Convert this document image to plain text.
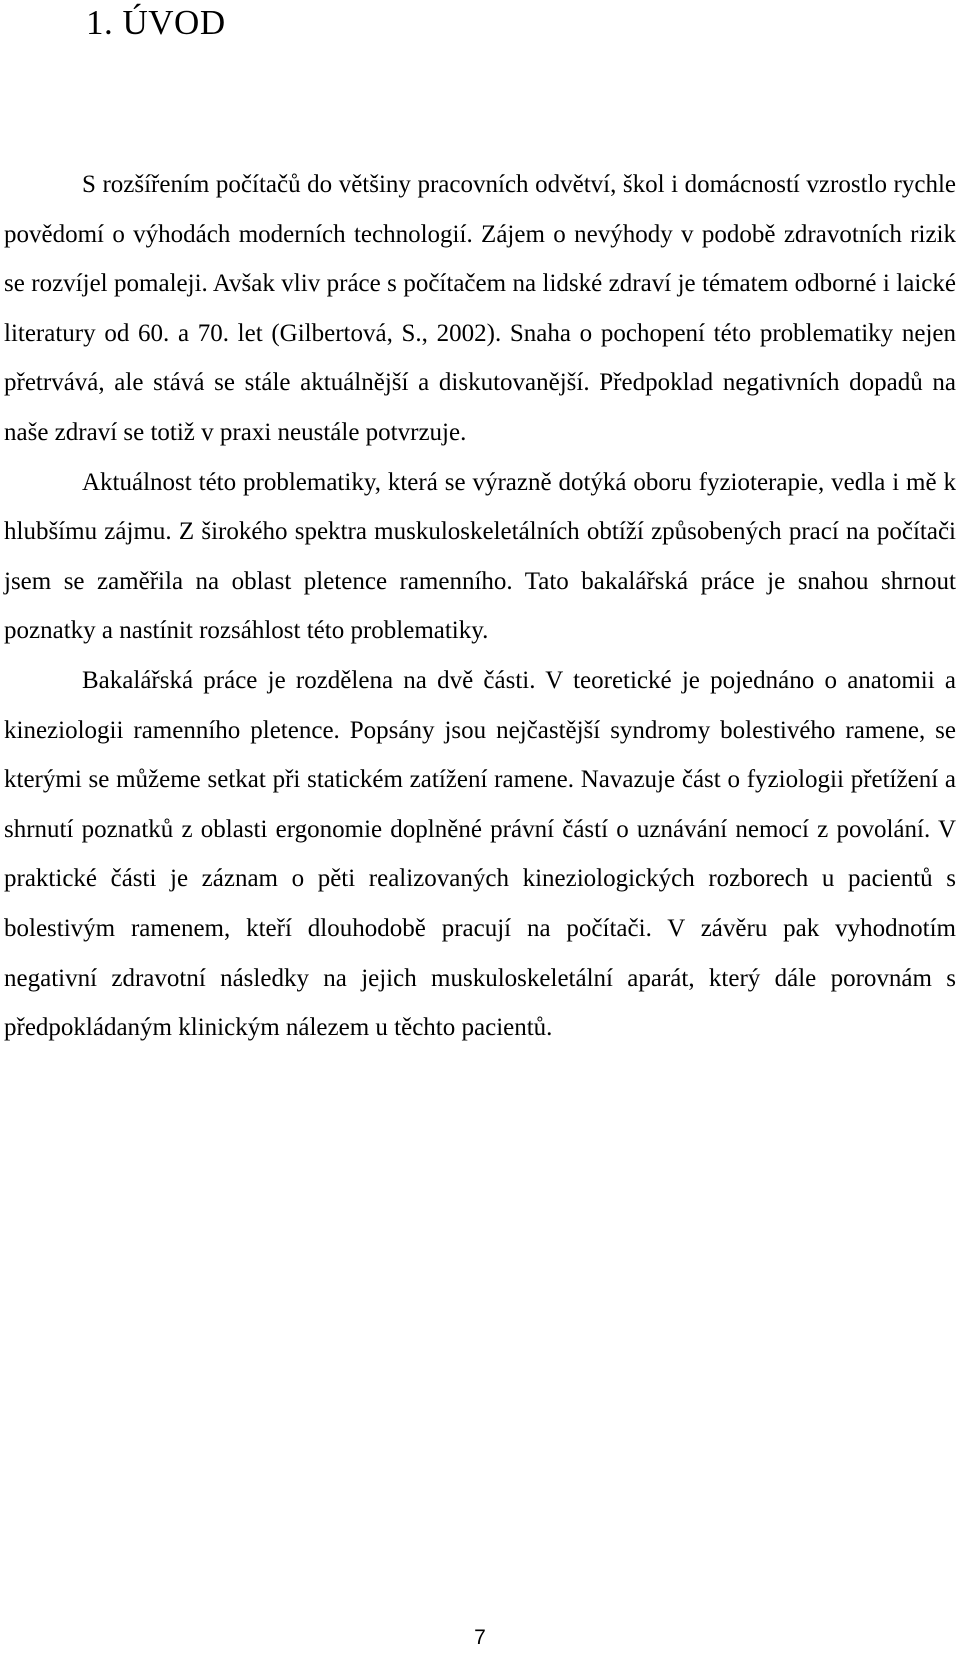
1. ÚVOD

S rozšířením počítačů do většiny pracovních odvětví, škol i domácností vzrostlo rychle povědomí o výhodách moderních technologií. Zájem o nevýhody v podobě zdravotních rizik se rozvíjel pomaleji. Avšak vliv práce s počítačem na lidské zdraví je tématem odborné i laické literatury od 60. a 70. let (Gilbertová, S., 2002). Snaha o pochopení této problematiky nejen přetrvává, ale stává se stále aktuálnější a diskutovanější. Předpoklad negativních dopadů na naše zdraví se totiž v praxi neustále potvrzuje.

Aktuálnost této problematiky, která se výrazně dotýká oboru fyzioterapie, vedla i mě k hlubšímu zájmu. Z širokého spektra muskuloskeletálních obtíží způsobených prací na počítači jsem se zaměřila na oblast pletence ramenního. Tato bakalářská práce je snahou shrnout poznatky a nastínit rozsáhlost této problematiky.

Bakalářská práce je rozdělena na dvě části. V teoretické je pojednáno o anatomii a kineziologii ramenního pletence. Popsány jsou nejčastější syndromy bolestivého ramene, se kterými se můžeme setkat při statickém zatížení ramene. Navazuje část o fyziologii přetížení a shrnutí poznatků z oblasti ergonomie doplněné právní částí o uznávání nemocí z povolání. V praktické části je záznam o pěti realizovaných kineziologických rozborech u pacientů s bolestivým ramenem, kteří dlouhodobě pracují na počítači. V závěru pak vyhodnotím negativní zdravotní následky na jejich muskuloskeletální aparát, který dále porovnám s předpokládaným klinickým nálezem u těchto pacientů.

7
